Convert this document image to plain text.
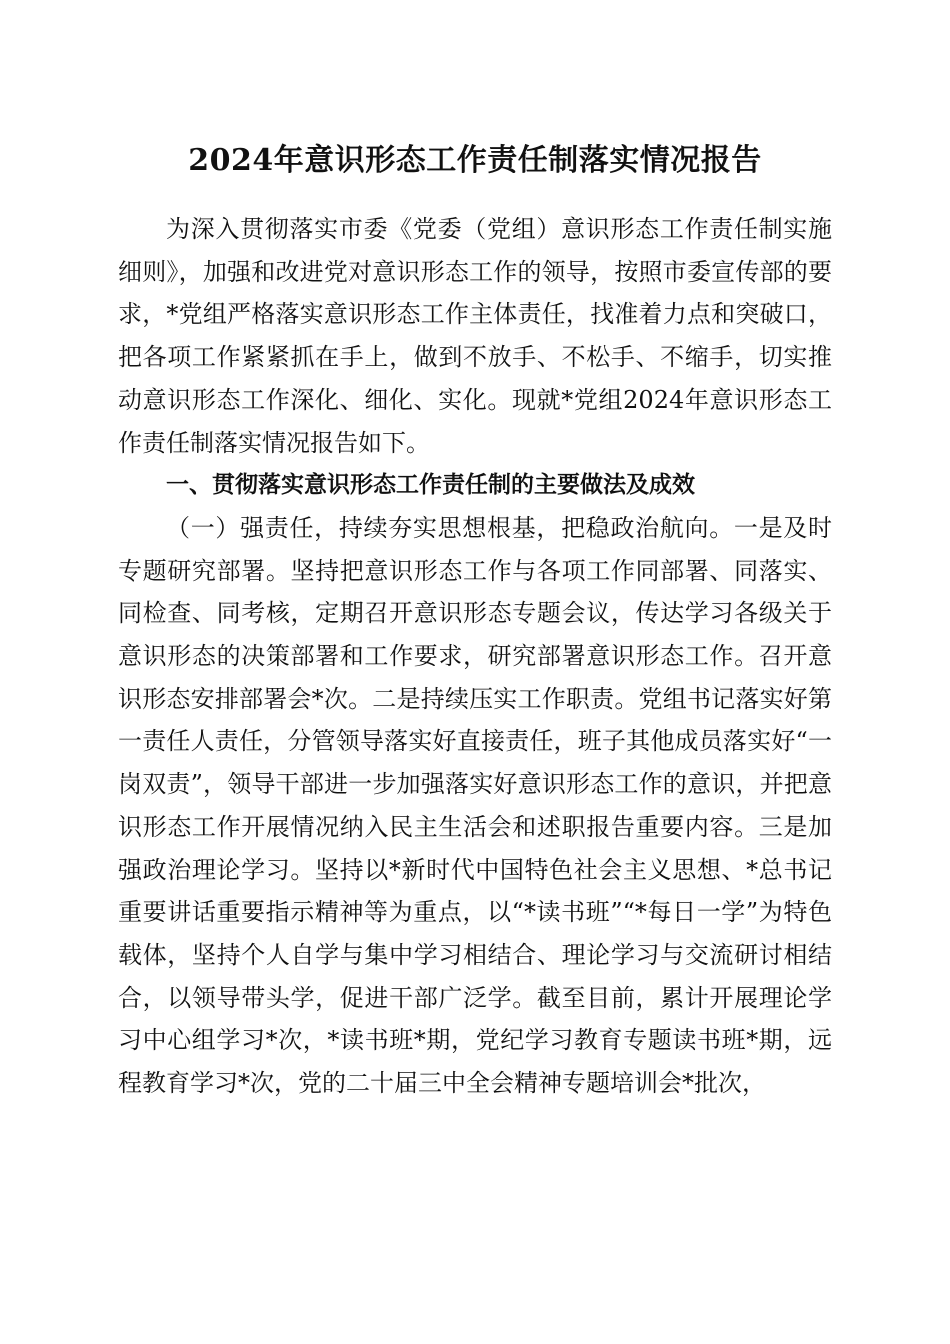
2024年意识形态工作责任制落实情况报告

为深入贯彻落实市委《党委（党组）意识形态工作责任制实施细则》，加强和改进党对意识形态工作的领导，按照市委宣传部的要求，*党组严格落实意识形态工作主体责任，找准着力点和突破口，把各项工作紧紧抓在手上，做到不放手、不松手、不缩手，切实推动意识形态工作深化、细化、实化。现就*党组2024年意识形态工作责任制落实情况报告如下。

一、贯彻落实意识形态工作责任制的主要做法及成效

（一）强责任，持续夯实思想根基，把稳政治航向。一是及时专题研究部署。坚持把意识形态工作与各项工作同部署、同落实、同检查、同考核，定期召开意识形态专题会议，传达学习各级关于意识形态的决策部署和工作要求，研究部署意识形态工作。召开意识形态安排部署会*次。二是持续压实工作职责。党组书记落实好第一责任人责任，分管领导落实好直接责任，班子其他成员落实好“一岗双责”，领导干部进一步加强落实好意识形态工作的意识，并把意识形态工作开展情况纳入民主生活会和述职报告重要内容。三是加强政治理论学习。坚持以*新时代中国特色社会主义思想、*总书记重要讲话重要指示精神等为重点，以“*读书班”“*每日一学”为特色载体，坚持个人自学与集中学习相结合、理论学习与交流研讨相结合，以领导带头学，促进干部广泛学。截至目前，累计开展理论学习中心组学习*次，*读书班*期，党纪学习教育专题读书班*期，远程教育学习*次，党的二十届三中全会精神专题培训会*批次，
